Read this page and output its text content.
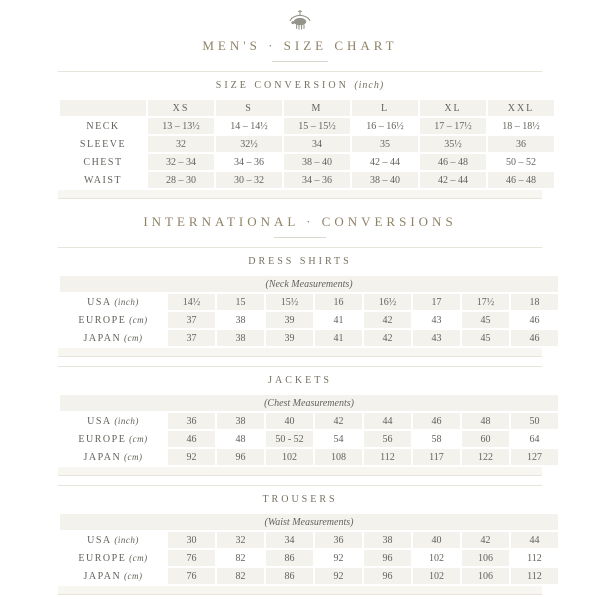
MEN'S · SIZE CHART
SIZE CONVERSION (inch)
	XS	S	M	L	XL	XXL
NECK	13 – 13½	14 – 14½	15 – 15½	16 – 16½	17 – 17½	18 – 18½
SLEEVE	32	32½	34	35	35½	36
CHEST	32 – 34	34 – 36	38 – 40	42 – 44	46 – 48	50 – 52
WAIST	28 – 30	30 – 32	34 – 36	38 – 40	42 – 44	46 – 48
INTERNATIONAL · CONVERSIONS
DRESS SHIRTS
(Neck Measurements)								
USA (inch)	14½	15	15½	16	16½	17	17½	18
EUROPE (cm)	37	38	39	41	42	43	45	46
JAPAN (cm)	37	38	39	41	42	43	45	46
JACKETS
(Chest Measurements)								
USA (inch)	36	38	40	42	44	46	48	50
EUROPE (cm)	46	48	50 - 52	54	56	58	60	64
JAPAN (cm)	92	96	102	108	112	117	122	127
TROUSERS
(Waist Measurements)								
USA (inch)	30	32	34	36	38	40	42	44
EUROPE (cm)	76	82	86	92	96	102	106	112
JAPAN (cm)	76	82	86	92	96	102	106	112
